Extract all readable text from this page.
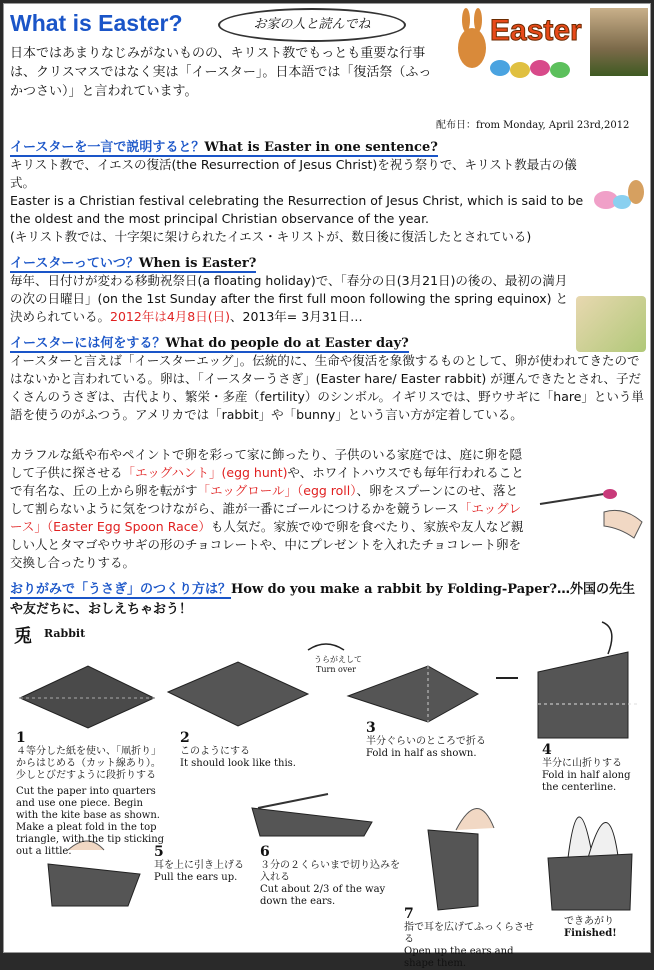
What is Easter?	お家の人と読んでね	Easter
日本ではあまりなじみがないものの、キリスト教でもっとも重要な行事は、クリスマスではなく実は「イースター」。日本語では「復活祭（ふっかつさい）」と言われています。
配布日：from Monday, April 23rd,2012
イースターを一言で説明すると？What is Easter in one sentence?
キリスト教で、イエスの復活(the Resurrection of Jesus Christ)を祝う祭りで、キリスト教最古の儀式。
Easter is a Christian festival celebrating the Resurrection of Jesus Christ, which is said to be the oldest and the most principal Christian observance of the year.
(キリスト教では、十字架に架けられたイエス・キリストが、数日後に復活したとされている)
イースターっていつ？When is Easter?
毎年、日付けが変わる移動祝祭日(a floating holiday)で、「春分の日(3月21日)の後の、最初の満月の次の日曜日」(on the 1st Sunday after the first full moon following the spring equinox) と決められている。2012年は4月8日(日)、2013年= 3月31日…
イースターには何をする？What do people do at Easter day?
イースターと言えば「イースターエッグ」。伝統的に、生命や復活を象徴するものとして、卵が使われてきたのではないかと言われている。卵は、「イースターうさぎ」(Easter hare/ Easter rabbit) が運んできたとされ、子だくさんのうさぎは、古代より、繁栄・多産（fertility）のシンボル。イギリスでは、野ウサギに「hare」という単語を使うのがふつう。アメリカでは「rabbit」や「bunny」という言い方が定着している。
カラフルな紙や布やペイントで卵を彩って家に飾ったり、子供のいる家庭では、庭に卵を隠して子供に探させる「エッグハント」(egg hunt)や、ホワイトハウスでも毎年行われることで有名な、丘の上から卵を転がす「エッグロール」（egg roll）、卵をスプーンにのせ、落として割らないように気をつけながら、誰が一番にゴールにつけるかを競うレース「エッグレース」（Easter Egg Spoon Race）も人気だ。家族でゆで卵を食べたり、家族や友人など親しい人とタマゴやウサギの形のチョコレートや、中にプレゼントを入れたチョコレート卵を交換し合ったりする。
おりがみで「うさぎ」のつくり方は？How do you make a rabbit by Folding-Paper?…外国の先生や友だちに、おしえちゃおう！
兎 Rabbit
うらがえして
Turn over
1
４等分した紙を使い、「凧折り」からはじめる（カット線あり）。少しとびだすように段折りする
Cut the paper into quarters and use one piece. Begin with the kite base as shown. Make a pleat fold in the top triangle, with the tip sticking out a little.
2
このようにする
It should look like this.
3
半分ぐらいのところで折る
Fold in half as shown.	4
半分に山折りする
Fold in half along the centerline.
5
耳を上に引き上げる
Pull the ears up.
6
３分の２くらいまで切り込みを入れる
Cut about 2/3 of the way down the ears.
7
指で耳を広げてふっくらさせる
Open up the ears and shape them.
できあがり
Finished!
